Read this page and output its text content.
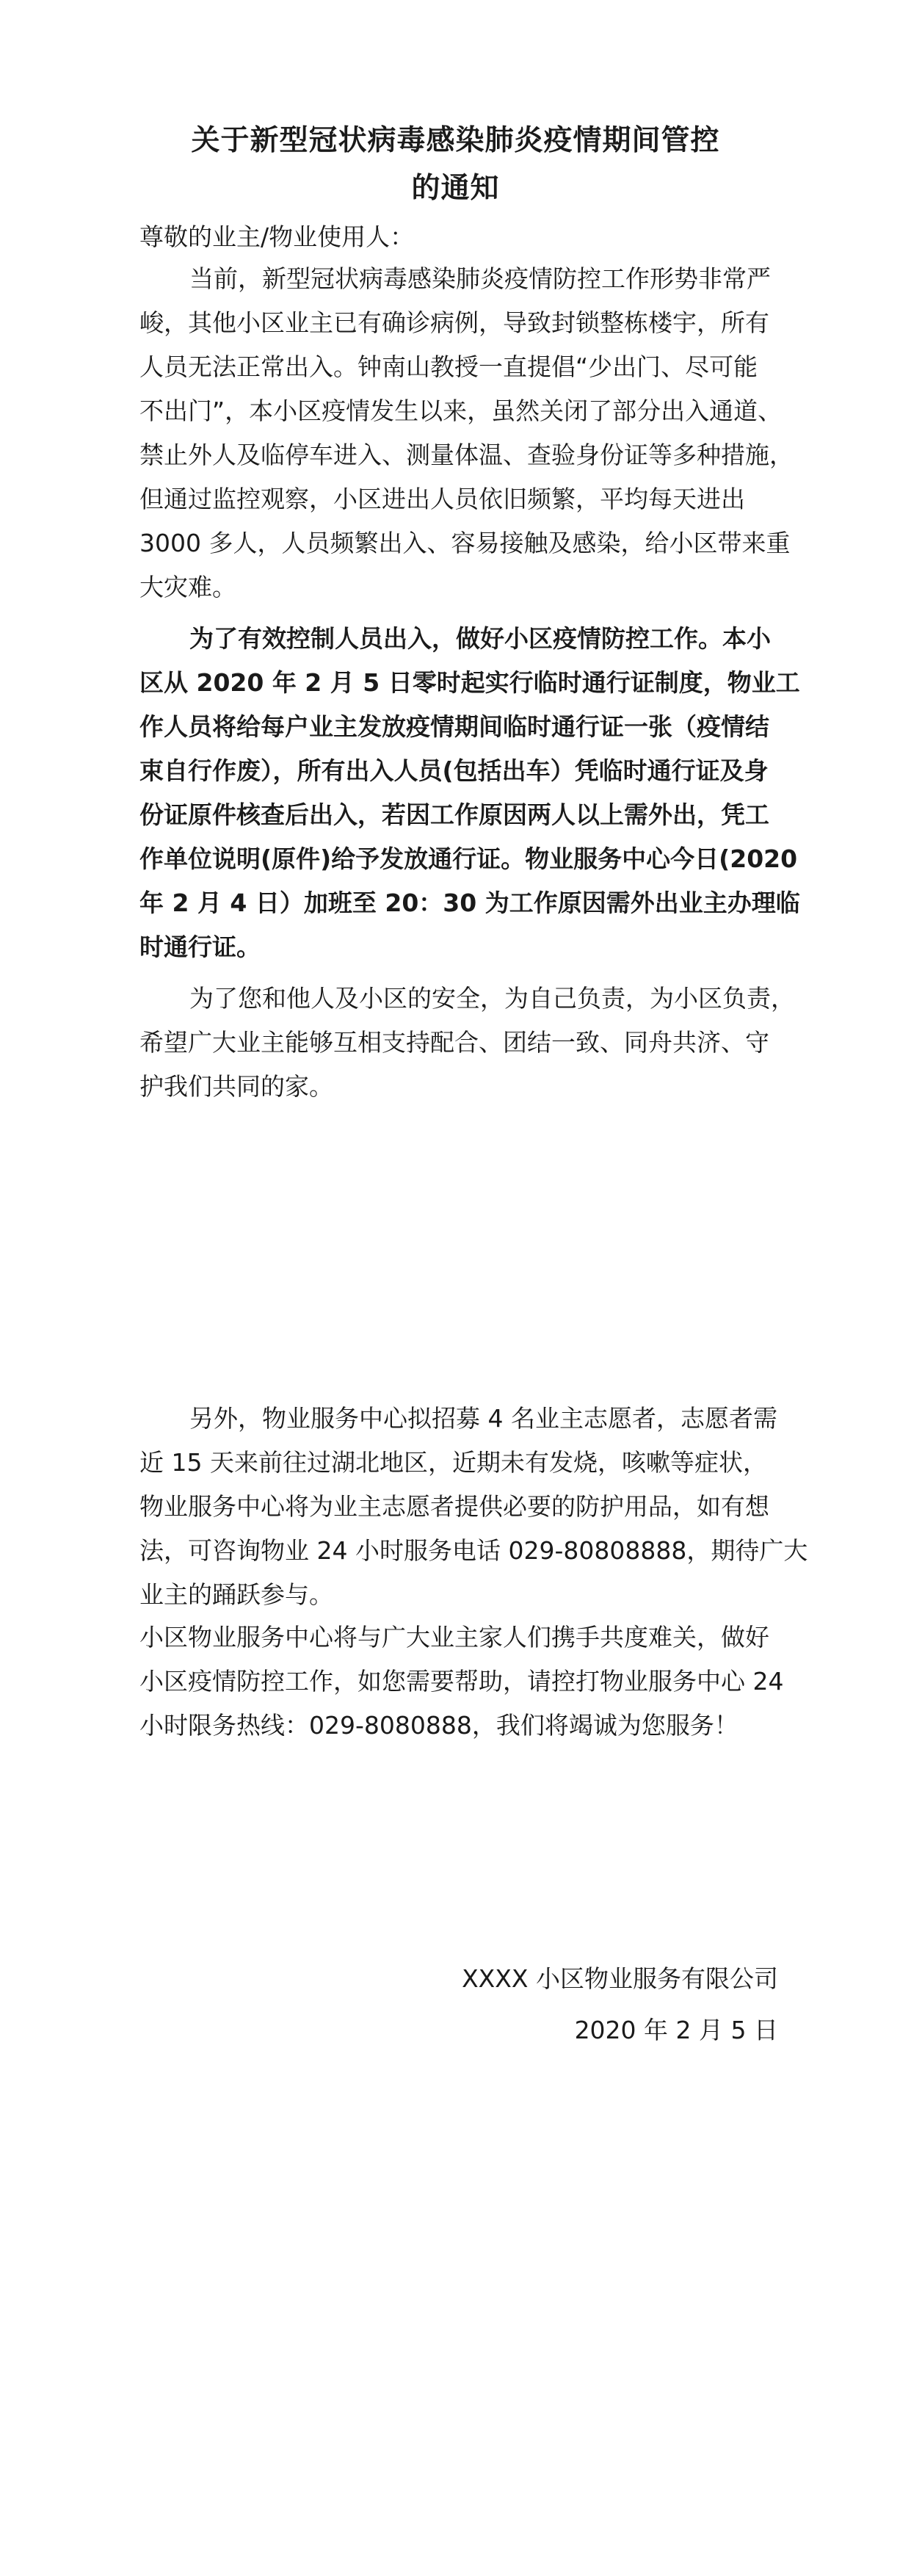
关于新型冠状病毒感染肺炎疫情期间管控
的通知
尊敬的业主/物业使用人：
当前，新型冠状病毒感染肺炎疫情防控工作形势非常严
峻，其他小区业主已有确诊病例，导致封锁整栋楼宇，所有
人员无法正常出入。钟南山教授一直提倡“少出门、尽可能
不出门”，本小区疫情发生以来，虽然关闭了部分出入通道、
禁止外人及临停车进入、测量体温、查验身份证等多种措施，
但通过监控观察，小区进出人员依旧频繁，平均每天进出
3000 多人，人员频繁出入、容易接触及感染，给小区带来重
大灾难。
为了有效控制人员出入，做好小区疫情防控工作。本小
区从 2020 年 2 月 5 日零时起实行临时通行证制度，物业工
作人员将给每户业主发放疫情期间临时通行证一张（疫情结
束自行作废），所有出入人员(包括出车）凭临时通行证及身
份证原件核查后出入，若因工作原因两人以上需外出，凭工
作单位说明(原件)给予发放通行证。物业服务中心今日(2020
年 2 月 4 日）加班至 20：30 为工作原因需外出业主办理临
时通行证。
为了您和他人及小区的安全，为自己负责，为小区负责，
希望广大业主能够互相支持配合、团结一致、同舟共济、守
护我们共同的家。
另外，物业服务中心拟招募 4 名业主志愿者，志愿者需
近 15 天来前往过湖北地区，近期未有发烧，咳嗽等症状，
物业服务中心将为业主志愿者提供必要的防护用品，如有想
法，可咨询物业 24 小时服务电话 029-80808888，期待广大
业主的踊跃参与。
小区物业服务中心将与广大业主家人们携手共度难关，做好
小区疫情防控工作，如您需要帮助，请控打物业服务中心 24
小时限务热线：029-8080888，我们将竭诚为您服务！
XXXX 小区物业服务有限公司
2020 年 2 月 5 日
